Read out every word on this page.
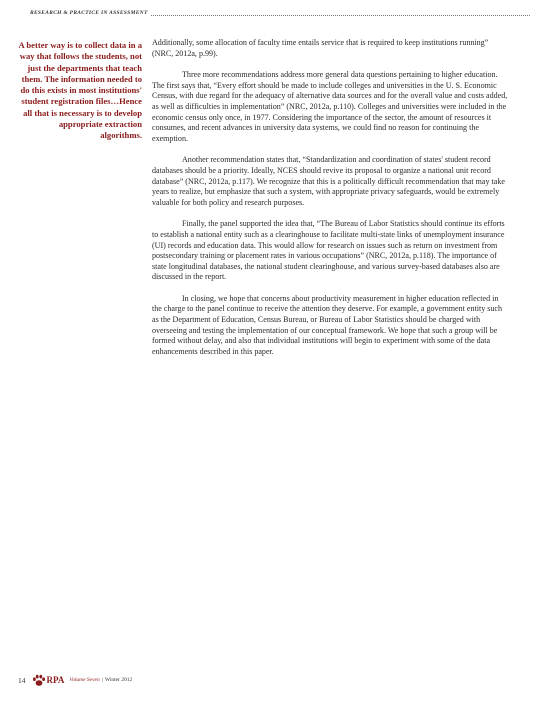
RESEARCH & PRACTICE IN ASSESSMENT
A better way is to collect data in a way that follows the students, not just the departments that teach them. The information needed to do this exists in most institutions' student registration files…Hence all that is necessary is to develop appropriate extraction algorithms.

Additionally, some allocation of faculty time entails service that is required to keep institutions running” (NRC, 2012a, p.99).

Three more recommendations address more general data questions pertaining to higher education. The first says that, “Every effort should be made to include colleges and universities in the U. S. Economic Census, with due regard for the adequacy of alternative data sources and for the overall value and costs added, as well as difficulties in implementation” (NRC, 2012a, p.110). Colleges and universities were included in the economic census only once, in 1977. Considering the importance of the sector, the amount of resources it consumes, and recent advances in university data systems, we could find no reason for continuing the exemption.

Another recommendation states that, “Standardization and coordination of states' student record databases should be a priority. Ideally, NCES should revive its proposal to organize a national unit record database” (NRC, 2012a, p.117). We recognize that this is a politically difficult recommendation that may take years to realize, but emphasize that such a system, with appropriate privacy safeguards, would be extremely valuable for both policy and research purposes.

Finally, the panel supported the idea that, “The Bureau of Labor Statistics should continue its efforts to establish a national entity such as a clearinghouse to facilitate multi-state links of unemployment insurance (UI) records and education data. This would allow for research on issues such as return on investment from postsecondary training or placement rates in various occupations” (NRC, 2012a, p.118). The importance of state longitudinal databases, the national student clearinghouse, and various survey-based databases also are discussed in the report.

In closing, we hope that concerns about productivity measurement in higher education reflected in the charge to the panel continue to receive the attention they deserve. For example, a government entity such as the Department of Education, Census Bureau, or Bureau of Labor Statistics should be charged with overseeing and testing the implementation of our conceptual framework. We hope that such a group will be formed without delay, and also that individual institutions will begin to experiment with some of the data enhancements described in this paper.

14 RPA Volume Seven | Winter 2012
